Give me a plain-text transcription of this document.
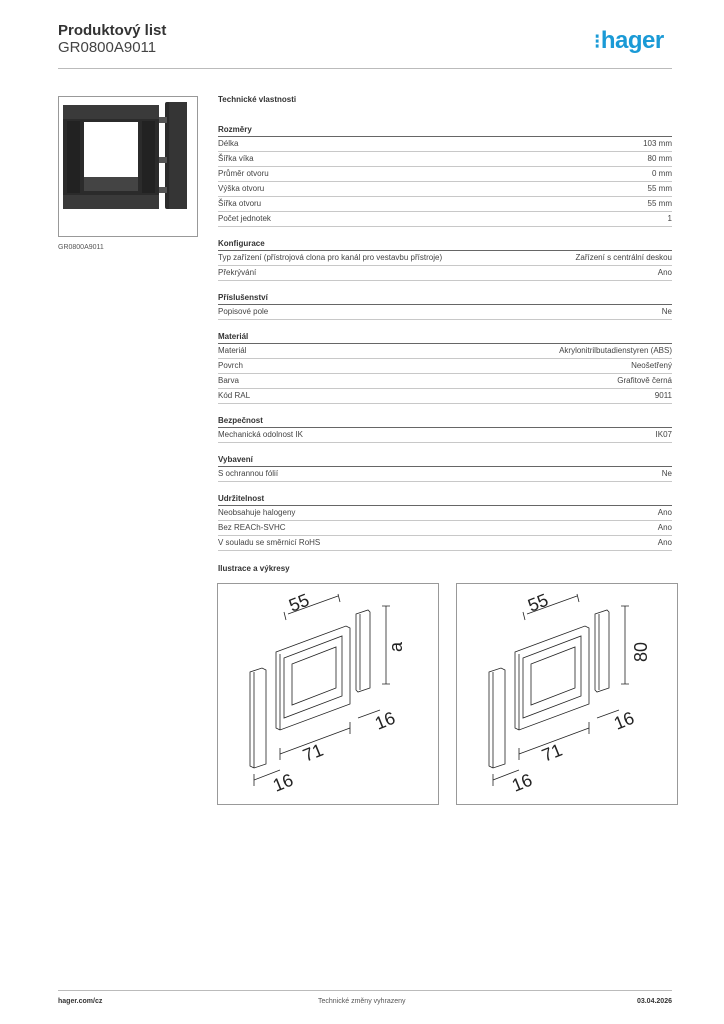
Produktový list
GR0800A9011	⁝hager
GR0800A9011
Technické vlastnosti
Rozměry
Délka	103 mm
Šířka víka	80 mm
Průměr otvoru	0 mm
Výška otvoru	55 mm
Šířka otvoru	55 mm
Počet jednotek	1
Konfigurace
Typ zařízení (přístrojová clona pro kanál pro vestavbu přístroje)	Zařízení s centrální deskou
Překrývání	Ano
Příslušenství
Popisové pole	Ne
Materiál
Materiál	Akrylonitrilbutadienstyren (ABS)
Povrch	Neošetřený
Barva	Grafitově černá
Kód RAL	9011
Bezpečnost
Mechanická odolnost IK	IK07
Vybavení
S ochrannou fólií	Ne
Udržitelnost
Neobsahuje halogeny	Ano
Bez REACh-SVHC	Ano
V souladu se směrnicí RoHS	Ano
Ilustrace a výkresy
55
a
16
71
16
55
80
16
71
16
hager.com/cz	Technické změny vyhrazeny	03.04.2026
